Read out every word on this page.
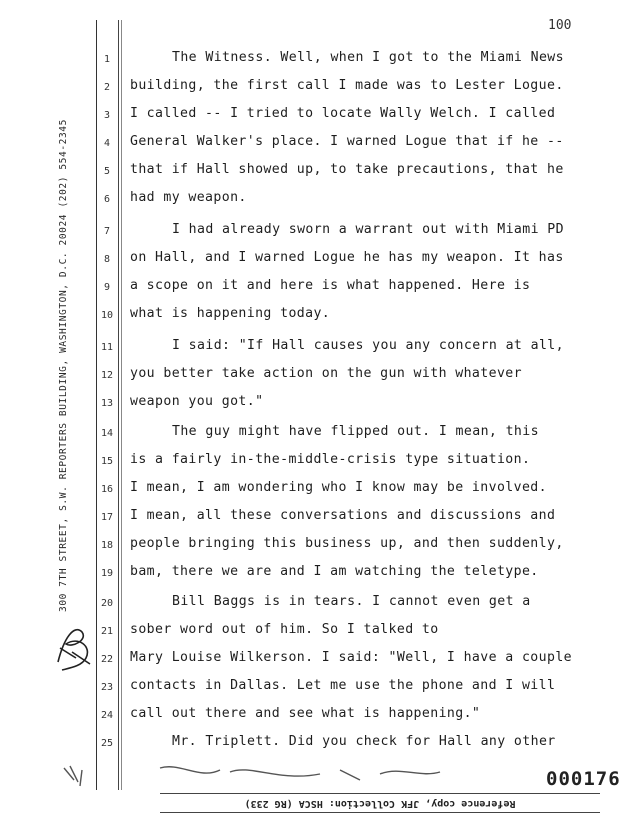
100
300 7TH STREET, S.W. REPORTERS BUILDING, WASHINGTON, D.C. 20024 (202) 554-2345
1
2
3
4
5
6
7
8
9
10
11
12
13
14
15
16
17
18
19
20
21
22
23
24
25
The Witness. Well, when I got to the Miami News
building, the first call I made was to Lester Logue.
I called -- I tried to locate Wally Welch. I called
General Walker's place. I warned Logue that if he --
that if Hall showed up, to take precautions, that he
had my weapon.
I had already sworn a warrant out with Miami PD
on Hall, and I warned Logue he has my weapon. It has
a scope on it and here is what happened. Here is
what is happening today.
I said: "If Hall causes you any concern at all,
you better take action on the gun with whatever
weapon you got."
The guy might have flipped out. I mean, this
is a fairly in-the-middle-crisis type situation.
I mean, I am wondering who I know may be involved.
I mean, all these conversations and discussions and
people bringing this business up, and then suddenly,
bam, there we are and I am watching the teletype.
Bill Baggs is in tears. I cannot even get a
sober word out of him. So I talked to
Mary Louise Wilkerson. I said: "Well, I have a couple
contacts in Dallas. Let me use the phone and I will
call out there and see what is happening."
Mr. Triplett. Did you check for Hall any other
000176
Reference copy, JFK Collection: HSCA (RG 233)
